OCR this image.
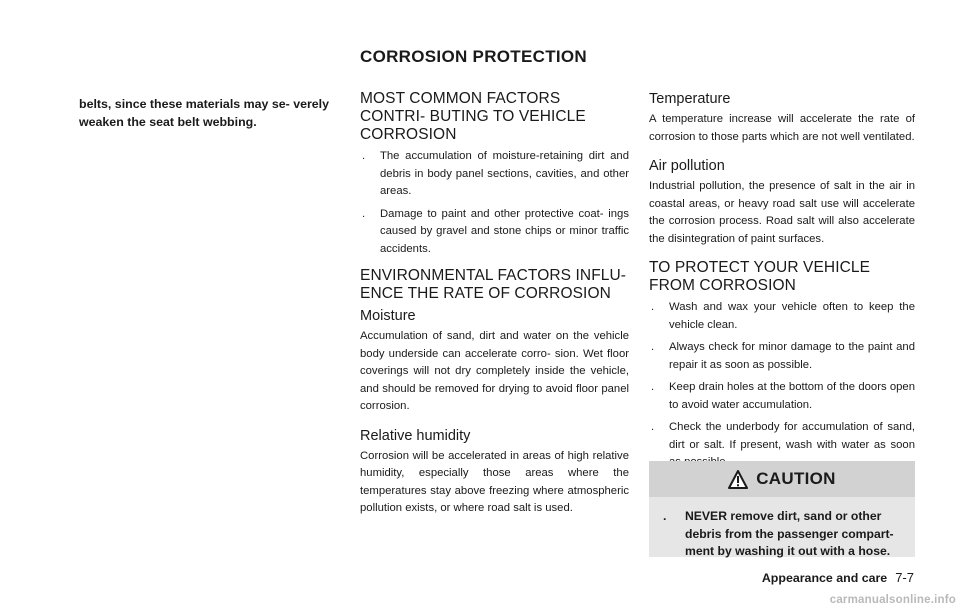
CORROSION PROTECTION

belts, since these materials may se- verely weaken the seat belt webbing.

MOST COMMON FACTORS CONTRI- BUTING TO VEHICLE CORROSION
. The accumulation of moisture-retaining dirt and debris in body panel sections, cavities, and other areas.
. Damage to paint and other protective coat- ings caused by gravel and stone chips or minor traffic accidents.
ENVIRONMENTAL FACTORS INFLU- ENCE THE RATE OF CORROSION
Moisture

Accumulation of sand, dirt and water on the vehicle body underside can accelerate corro- sion. Wet floor coverings will not dry completely inside the vehicle, and should be removed for drying to avoid floor panel corrosion.

Relative humidity

Corrosion will be accelerated in areas of high relative humidity, especially those areas where the temperatures stay above freezing where atmospheric pollution exists, or where road salt is used.

Temperature

A temperature increase will accelerate the rate of corrosion to those parts which are not well ventilated.

Air pollution

Industrial pollution, the presence of salt in the air in coastal areas, or heavy road salt use will accelerate the corrosion process. Road salt will also accelerate the disintegration of paint surfaces.

TO PROTECT YOUR VEHICLE FROM CORROSION
. Wash and wax your vehicle often to keep the vehicle clean.
. Always check for minor damage to the paint and repair it as soon as possible.
. Keep drain holes at the bottom of the doors open to avoid water accumulation.
. Check the underbody for accumulation of sand, dirt or salt. If present, wash with water as soon
CAUTION
.	NEVER remove dirt, sand or other debris from the passenger compart- ment by washing it out with a hose.
Appearance and care 7-7
carmanualsonline.info
